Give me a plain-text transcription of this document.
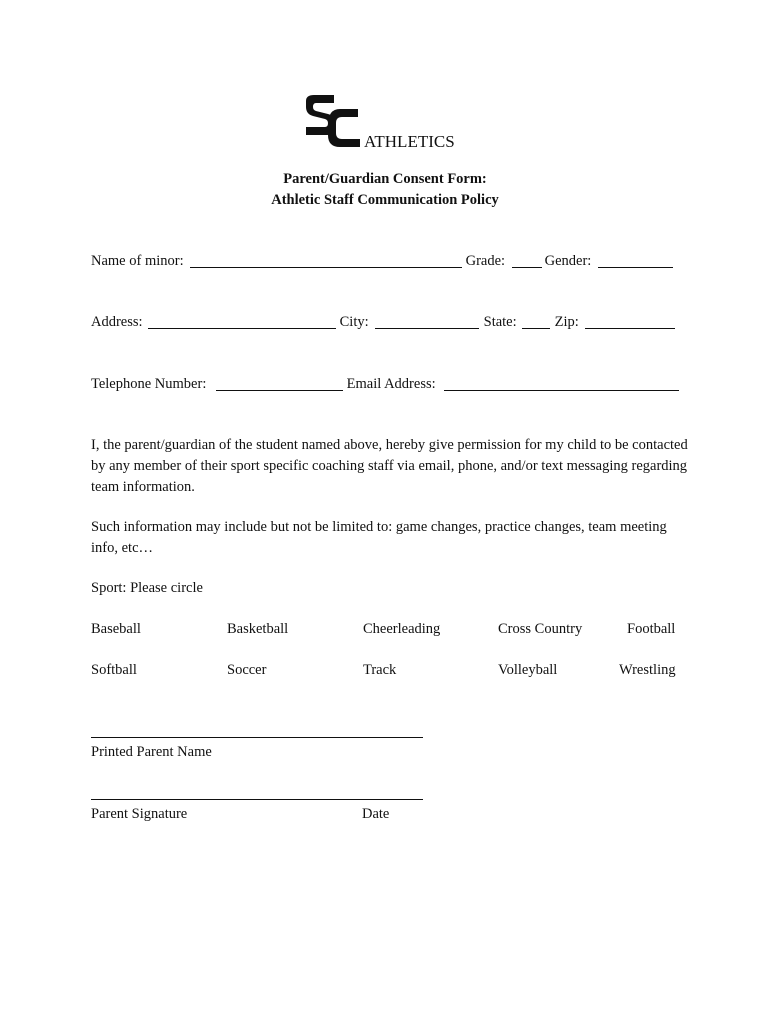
ATHLETICS
Parent/Guardian Consent Form:
Athletic Staff Communication Policy
Name of minor:	Grade: Gender:
Address:	City:	State: Zip:
Telephone Number:	Email Address:
I, the parent/guardian of the student named above, hereby give permission for my child to be contacted by any member of their sport specific coaching staff via email, phone, and/or text messaging regarding team information.
Such information may include but not be limited to: game changes, practice changes, team meeting info, etc…
Sport: Please circle
Baseball	Basketball	Cheerleading	Cross Country	Football
Softball	Soccer	Track	Volleyball	Wrestling
Printed Parent Name
Parent Signature	Date
